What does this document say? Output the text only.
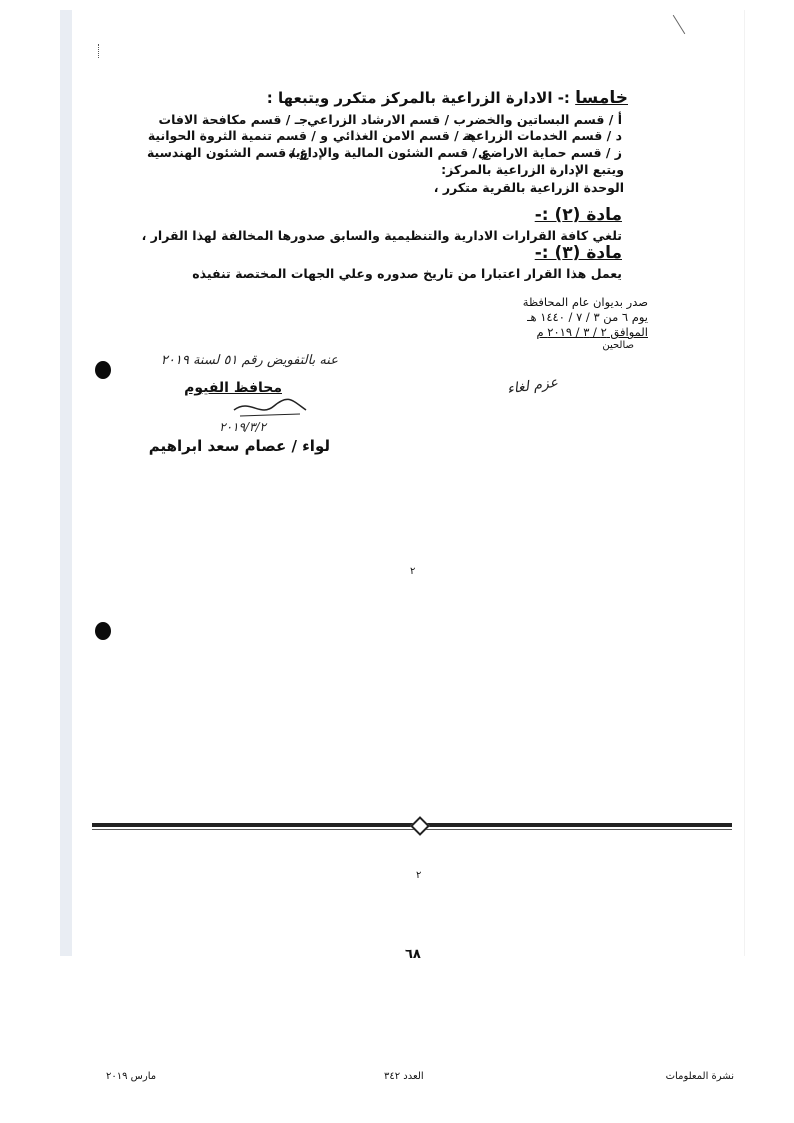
خامسا :- الادارة الزراعية بالمركز متكرر ويتبعها :
أ / قسم البساتين والخضر
ب / قسم الارشاد الزراعي
جـ / قسم مكافحة الافات
د / قسم الخدمات الزراعية
هـ / قسم الامن الغذائي
و / قسم تنمية الثروة الحوانية
ز / قسم حماية الاراضي
ع / قسم الشئون المالية والإدارية
غ / قسم الشئون الهندسية
ويتبع الإدارة الزراعية بالمركز:
الوحدة الزراعية بالقرية متكرر ،
مادة (٢) :-
تلغي كافة القرارات الادارية والتنظيمية والسابق صدورها المخالفة لهذا القرار ،
مادة (٣) :-
يعمل هذا القرار اعتبارا من تاريخ صدوره وعلي الجهات المختصة تنفيذه
صدر بديوان عام المحافظة
يوم ٦ من ٣ / ٧ / ١٤٤٠ هـ
الموافق ٢ / ٣ / ٢٠١٩ م
صالحين
عنه بالتفويض رقم ٥١ لسنة ٢٠١٩
محافظ الفيوم
٢٠١٩/٣/٢
لواء / عصام سعد ابراهيم
عزم لغاء
٢
٢
٦٨
نشرة المعلومات
العدد ٣٤٢
مارس ٢٠١٩
